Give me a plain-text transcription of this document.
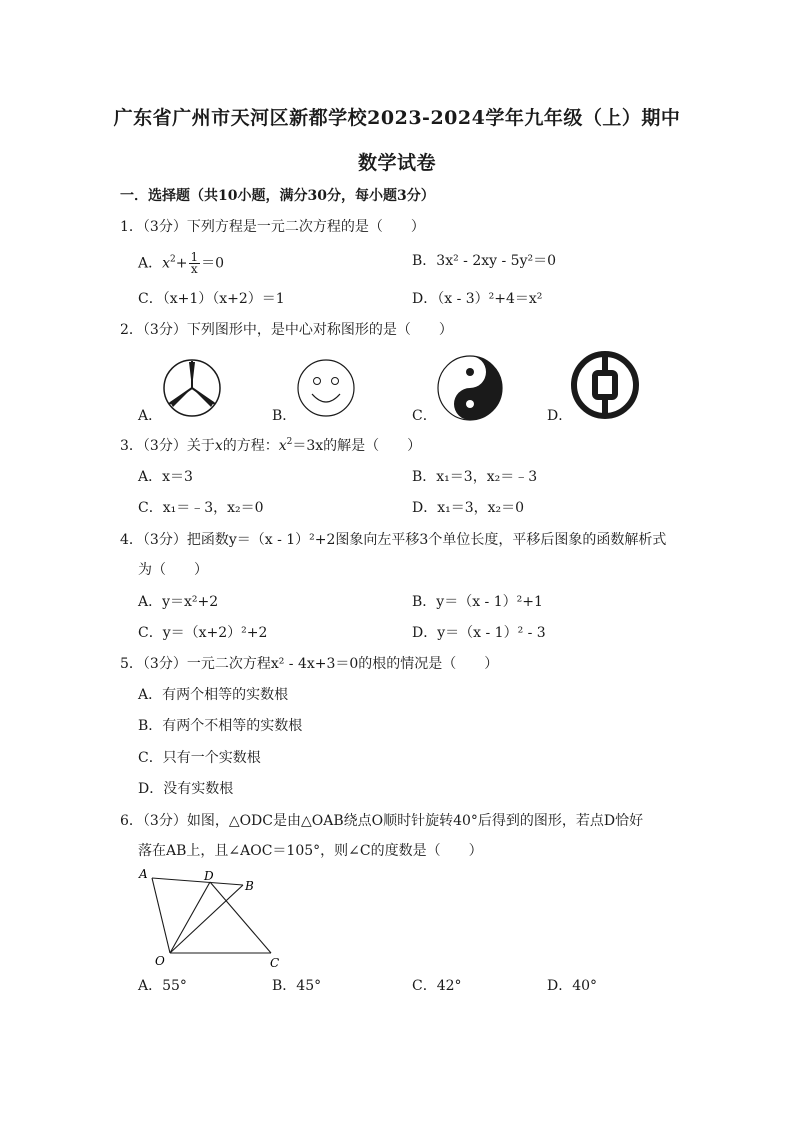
广东省广州市天河区新都学校2023-2024学年九年级（上）期中
数学试卷
一．选择题（共10小题，满分30分，每小题3分）
1．（3分）下列方程是一元二次方程的是（　　）
A．$x^2+ \frac{1}{x} =0$	B．3x² - 2xy - 5y²＝0
C．（x+1）（x+2）＝1	D．（x - 3）²+4＝x²
2．（3分）下列图形中，是中心对称图形的是（　　）
A．	B．	C．	D．
3．（3分）关于x的方程：$x^2=3x$的解是（　　）
A．x＝3	B．x₁＝3，x₂＝﹣3
C．x₁＝﹣3，x₂＝0	D．x₁＝3，x₂＝0
4．（3分）把函数y＝（x - 1）²+2图象向左平移3个单位长度，平移后图象的函数解析式
为（　　）
A．y＝x²+2	B．y＝（x - 1）²+1
C．y＝（x+2）²+2	D．y＝（x - 1）² - 3
5．（3分）一元二次方程x² - 4x+3＝0的根的情况是（　　）
A．有两个相等的实数根
B．有两个不相等的实数根
C．只有一个实数根
D．没有实数根
6．（3分）如图，△ODC是由△OAB绕点O顺时针旋转40°后得到的图形，若点D恰好
落在AB上，且∠AOC＝105°，则∠C的度数是（　　）
A	D
B
O	C
A．55°	B．45°	C．42°	D．40°
